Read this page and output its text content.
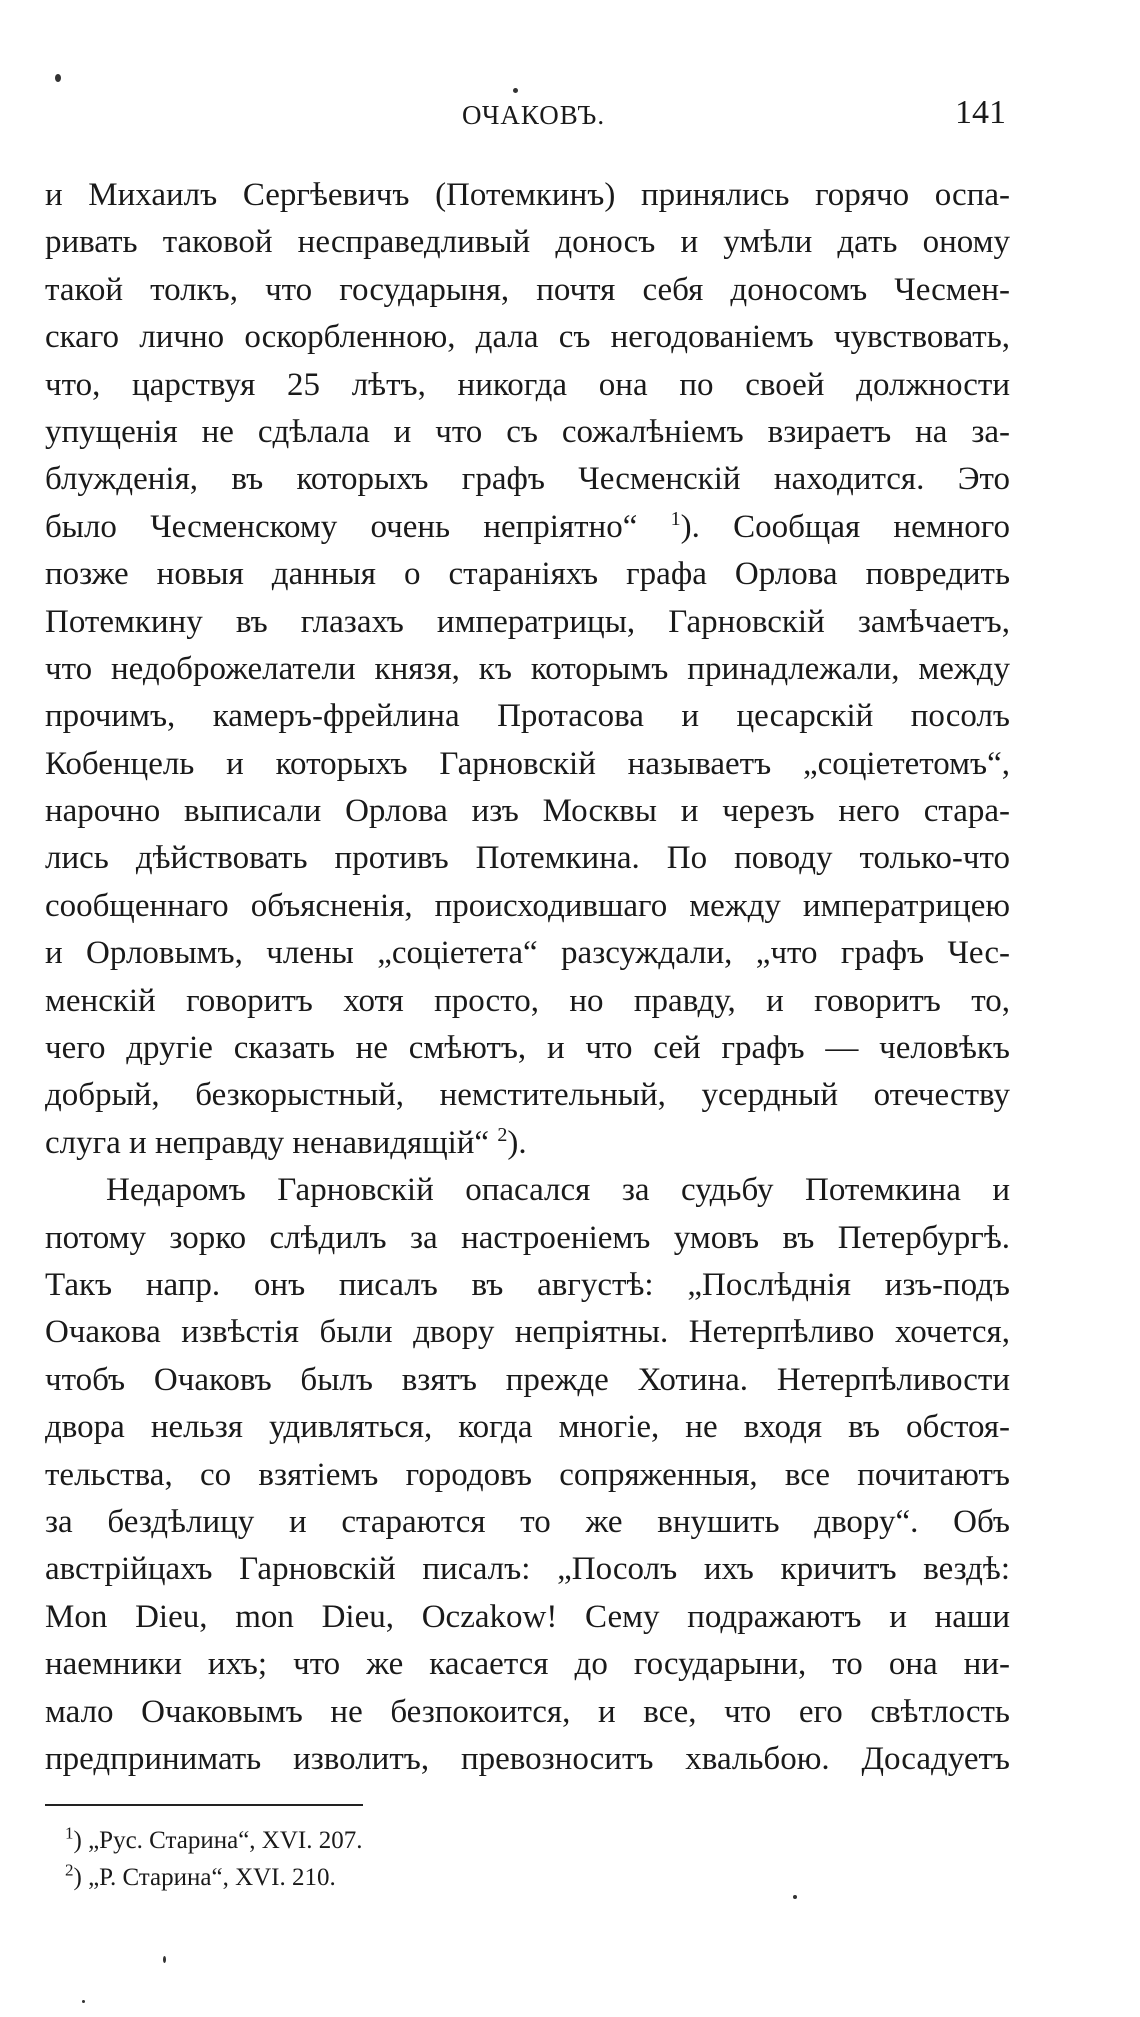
ОЧАКОВЪ.	141
и Михаилъ Сергѣевичъ (Потемкинъ) принялись горячо оспа-
ривать таковой несправедливый доносъ и умѣли дать оному
такой толкъ, что государыня, почтя себя доносомъ Чесмен-
скаго лично оскорбленною, дала съ негодованіемъ чувствовать,
что, царствуя 25 лѣтъ, никогда она по своей должности
упущенія не сдѣлала и что съ сожалѣніемъ взираетъ на за-
блужденія, въ которыхъ графъ Чесменскій находится. Это
было Чесменскому очень непріятно“ $^1$). Сообщая немного
позже новыя данныя о стараніяхъ графа Орлова повредить
Потемкину въ глазахъ императрицы, Гарновскій замѣчаетъ,
что недоброжелатели князя, къ которымъ принадлежали, между
прочимъ, камеръ-фрейлина Протасова и цесарскій посолъ
Кобенцель и которыхъ Гарновскій называетъ „соціететомъ“,
нарочно выписали Орлова изъ Москвы и черезъ него стара-
лись дѣйствовать противъ Потемкина. По поводу только-что
сообщеннаго объясненія, происходившаго между императрицею
и Орловымъ, члены „соціетета“ разсуждали, „что графъ Чес-
менскій говоритъ хотя просто, но правду, и говоритъ то,
чего другіе сказать не смѣютъ, и что сей графъ — человѣкъ
добрый, безкорыстный, немстительный, усердный отечеству
слуга и неправду ненавидящій“ $^2$).
Недаромъ Гарновскій опасался за судьбу Потемкина и
потому зорко слѣдилъ за настроеніемъ умовъ въ Петербургѣ.
Такъ напр. онъ писалъ въ августѣ: „Послѣднія изъ-подъ
Очакова извѣстія были двору непріятны. Нетерпѣливо хочется,
чтобъ Очаковъ былъ взятъ прежде Хотина. Нетерпѣливости
двора нельзя удивляться, когда многіе, не входя въ обстоя-
тельства, со взятіемъ городовъ сопряженныя, все почитаютъ
за бездѣлицу и стараются то же внушить двору“. Объ
австрійцахъ Гарновскій писалъ: „Посолъ ихъ кричитъ вездѣ:
Mon Dieu, mon Dieu, Oczakow! Сему подражаютъ и наши
наемники ихъ; что же касается до государыни, то она ни-
мало Очаковымъ не безпокоится, и все, что его свѣтлость
предпринимать изволитъ, превозноситъ хвальбою. Досадуетъ
$^1$) „Рус. Старина“, XVI. 207.
$^2$) „Р. Старина“, XVI. 210.
